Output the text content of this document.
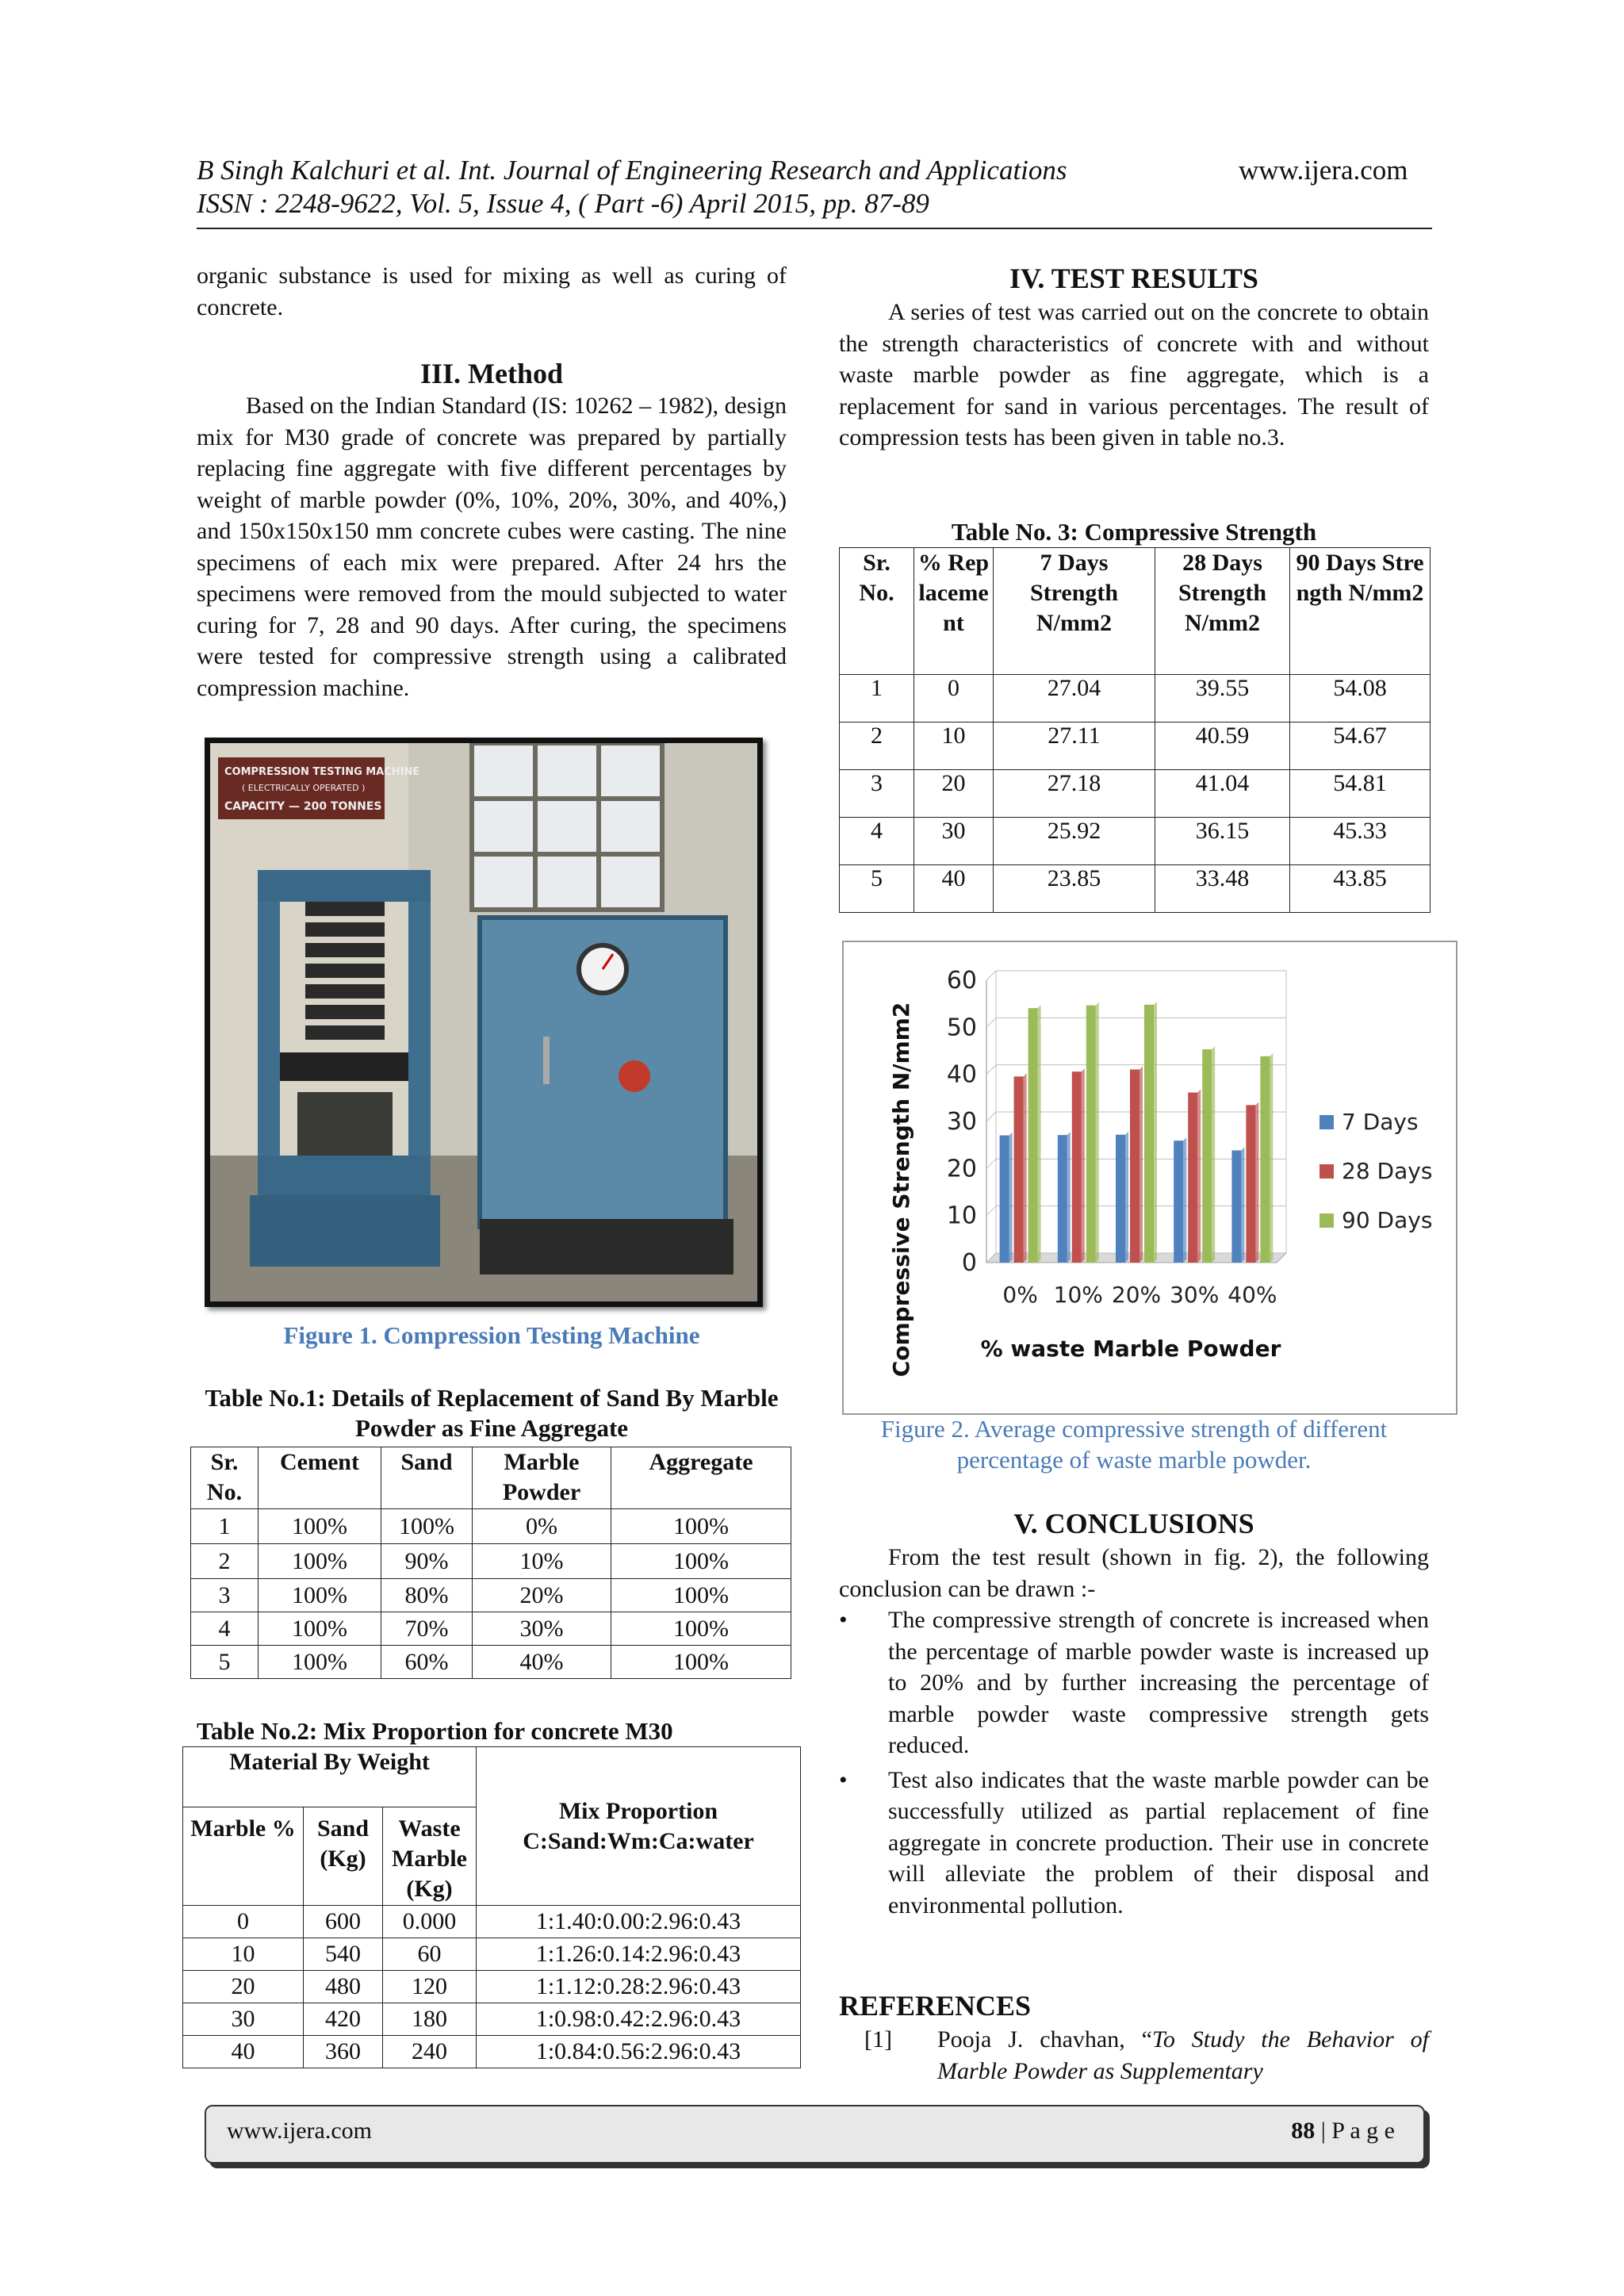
B Singh Kalchuri et al. Int. Journal of Engineering Research and Applications	www.ijera.com
ISSN : 2248-9622, Vol. 5, Issue 4, ( Part -6) April 2015, pp. 87-89
organic substance is used for mixing as well as curing of concrete.
III. Method

Based on the Indian Standard (IS: 10262 – 1982), design mix for M30 grade of concrete was prepared by partially replacing fine aggregate with five different percentages by weight of marble powder (0%, 10%, 20%, 30%, and 40%,) and 150x150x150 mm concrete cubes were casting. The nine specimens of each mix were prepared. After 24 hrs the specimens were removed from the mould subjected to water curing for 7, 28 and 90 days. After curing, the specimens were tested for compressive strength using a calibrated compression machine.

COMPRESSION TESTING MACHINE
( ELECTRICALLY OPERATED )
CAPACITY — 200 TONNES
Figure 1. Compression Testing Machine
Table No.1: Details of Replacement of Sand By Marble Powder as Fine Aggregate
Sr. No.	Cement	Sand	Marble Powder	Aggregate
1	100%	100%	0%	100%
2	100%	90%	10%	100%
3	100%	80%	20%	100%
4	100%	70%	30%	100%
5	100%	60%	40%	100%
Table No.2: Mix Proportion for concrete M30
Material By Weight			Mix Proportion C:Sand:Wm:Ca:water
Marble %	Sand (Kg)	Waste Marble (Kg)	
0	600	0.000	1:1.40:0.00:2.96:0.43
10	540	60	1:1.26:0.14:2.96:0.43
20	480	120	1:1.12:0.28:2.96:0.43
30	420	180	1:0.98:0.42:2.96:0.43
40	360	240	1:0.84:0.56:2.96:0.43
IV. TEST RESULTS

A series of test was carried out on the concrete to obtain the strength characteristics of concrete with and without waste marble powder as fine aggregate, which is a replacement for sand in various percentages. The result of compression tests has been given in table no.3.

Table No. 3: Compressive Strength
Sr. No.	% Replacement	7 Days Strength N/mm2	28 Days Strength N/mm2	90 Days Strength N/mm2
1	0	27.04	39.55	54.08
2	10	27.11	40.59	54.67
3	20	27.18	41.04	54.81
4	30	25.92	36.15	45.33
5	40	23.85	33.48	43.85
0
10
20
30
40
50
60
0% 10% 20% 30% 40%
% waste Marble Powder
Compressive Strength N/mm2	7 Days
28 Days
90 Days
Figure 2. Average compressive strength of different percentage of waste marble powder.
V. CONCLUSIONS

From the test result (shown in fig. 2), the following conclusion can be drawn :-

• The compressive strength of concrete is increased when the percentage of marble powder waste is increased up to 20% and by further increasing the percentage of marble powder waste compressive strength gets reduced.
• Test also indicates that the waste marble powder can be successfully utilized as partial replacement of fine aggregate in concrete production. Their use in concrete will alleviate the problem of their disposal and environmental pollution.
REFERENCES
[1] Pooja J. chavhan, “To Study the Behavior of Marble Powder as Supplementary
www.ijera.com	88 | P a g e
